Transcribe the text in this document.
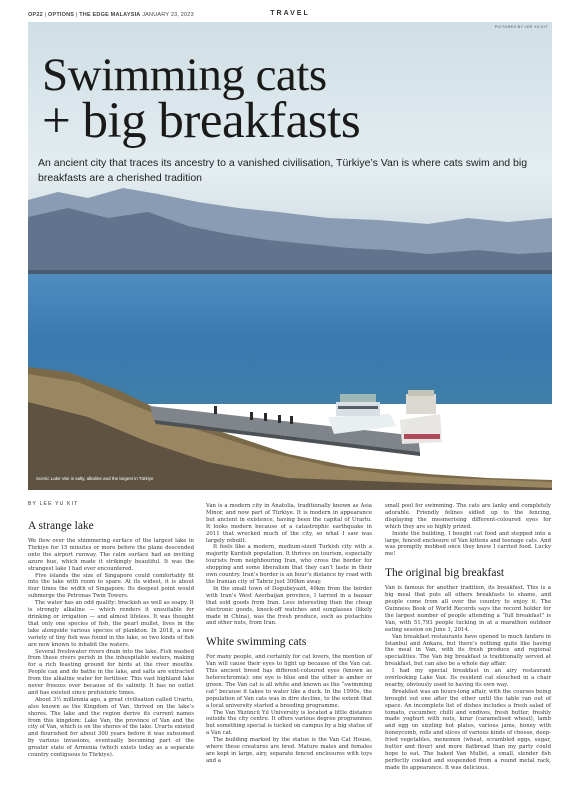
OP22 | OPTIONS | THE EDGE MALAYSIA JANUARY 23, 2023	TRAVEL
PICTURES BY LEE YU KIT
Swimming cats
+ big breakfasts

An ancient city that traces its ancestry to a vanished civilisation, Türkiye’s Van is where cats swim and big breakfasts are a cherished tradition

Scenic Lake Van is salty, alkaline and the largest in Türkiye
BY LEE YU KIT
A strange lake

We flew over the shimmering surface of the largest lake in Türkiye for 15 minutes or more before the plane descended onto the airport runway. The calm surface had an inviting azure hue, which made it strikingly beautiful. It was the strangest lake I had ever encountered.

Five islands the size of Singapore could comfortably fit into the lake with room to spare. At its widest, it is about four times the width of Singapore. Its deepest point would submerge the Petronas Twin Towers.

The water has an odd quality: brackish as well as soapy. It is strongly alkaline — which renders it unsuitable for drinking or irrigation — and almost lifeless. It was thought that only one species of fish, the pearl mullet, lives in the lake alongside various species of plankton. In 2018, a new variety of tiny fish was found in the lake, so two kinds of fish are now known to inhabit the waters.

Several freshwater rivers drain into the lake. Fish washed from these rivers perish in the inhospitable waters, making for a rich feasting ground for birds at the river mouths. People can and do bathe in the lake, and salts are extracted from the alkaline water for fertiliser. This vast highland lake never freezes over because of its salinity. It has no outlet and has existed since prehistoric times.

About 3½ millennia ago, a great civilisation called Urartu, also known as the Kingdom of Van, thrived on the lake’s shores. The lake and the region derive its current names from this kingdom: Lake Van, the province of Van and the city of Van, which is on the shores of the lake. Urartu existed and flourished for about 300 years before it was subsumed by various invasions, eventually becoming part of the greater state of Armenia (which exists today as a separate country contiguous to Türkiye).

Van is a modern city in Anatolia, traditionally known as Asia Minor, and now part of Türkiye. It is modern in appearance but ancient in existence, having been the capital of Urartu. It looks modern because of a catastrophic earthquake in 2011 that wrecked much of the city, so what I saw was largely rebuilt.

It feels like a modern, medium-sized Turkish city with a majority Kurdish population. It thrives on tourism, especially tourists from neighbouring Iran, who cross the border for shopping and some liberalism that they can’t taste in their own country. Iran’s border is an hour’s distance by road with the Iranian city of Tabriz just 300km away.

In the small town of Dogubeyazit, 40km from the border with Iran’s West Azerbaijan province, I tarried in a bazaar that sold goods from Iran. Less interesting than the cheap electronic goods, knock-off watches and sunglasses (likely made in China), was the fresh produce, such as pistachios and other nuts, from Iran.

White swimming cats

For many people, and certainly for cat lovers, the mention of Van will cause their eyes to light up because of the Van cat. This ancient breed has different-coloured eyes (known as heterochromia): one eye is blue and the other is amber or green. The Van cat is all white and known as the “swimming cat” because it takes to water like a duck. In the 1990s, the population of Van cats was in dire decline, to the extent that a local university started a breeding programme.

The Van Yüzüncü Yıl University is located a little distance outside the city centre. It offers various degree programmes but something special is tucked on campus by a big statue of a Van cat.

The building marked by the statue is the Van Cat House, where these creatures are bred. Mature males and females are kept in large, airy, separate fenced enclosures with toys and a

small pool for swimming. The cats are lanky and completely adorable. Friendly felines sidled up to the fencing, displaying the mesmerising different-coloured eyes for which they are so highly prized.

Inside the building, I bought cat food and stepped into a large, fenced enclosure of Van kittens and teenage cats. And was promptly mobbed once they knew I carried food. Lucky me!

The original big breakfast

Van is famous for another tradition, its breakfast. This is a big meal that puts all others breakfasts to shame, and people come from all over the country to enjoy it. The Guinness Book of World Records says the record holder for the largest number of people attending a “full breakfast” is Van, with 51,793 people tucking in at a marathon outdoor eating session on June 1, 2014.

Van breakfast restaurants have opened to much fanfare in Istanbul and Ankara, but there’s nothing quite like having the meal in Van, with its fresh produce and regional specialities. The Van big breakfast is traditionally served at breakfast, but can also be a whole day affair.

I had my special breakfast in an airy restaurant overlooking Lake Van. Its resident cat slouched in a chair nearby, obviously used to having its own way.

Breakfast was an hours-long affair, with the courses being brought out one after the other until the table ran out of space. An incomplete list of dishes includes a fresh salad of tomato, cucumber, chilli and endives, fresh butter, freshly made yoghurt with nuts, kırar (caramelised wheat), lamb and egg on sizzling hot plates, various jams, honey with honeycomb, rolls and slices of various kinds of cheese, deep-fried vegetables, menemen (wheat, scrambled eggs, sugar, butter and flour) and more flatbread than my party could hope to eat. The baked Van Mullet, a small, slender fish perfectly cooked and suspended from a round metal rack, made its appearance. It was delicious.
